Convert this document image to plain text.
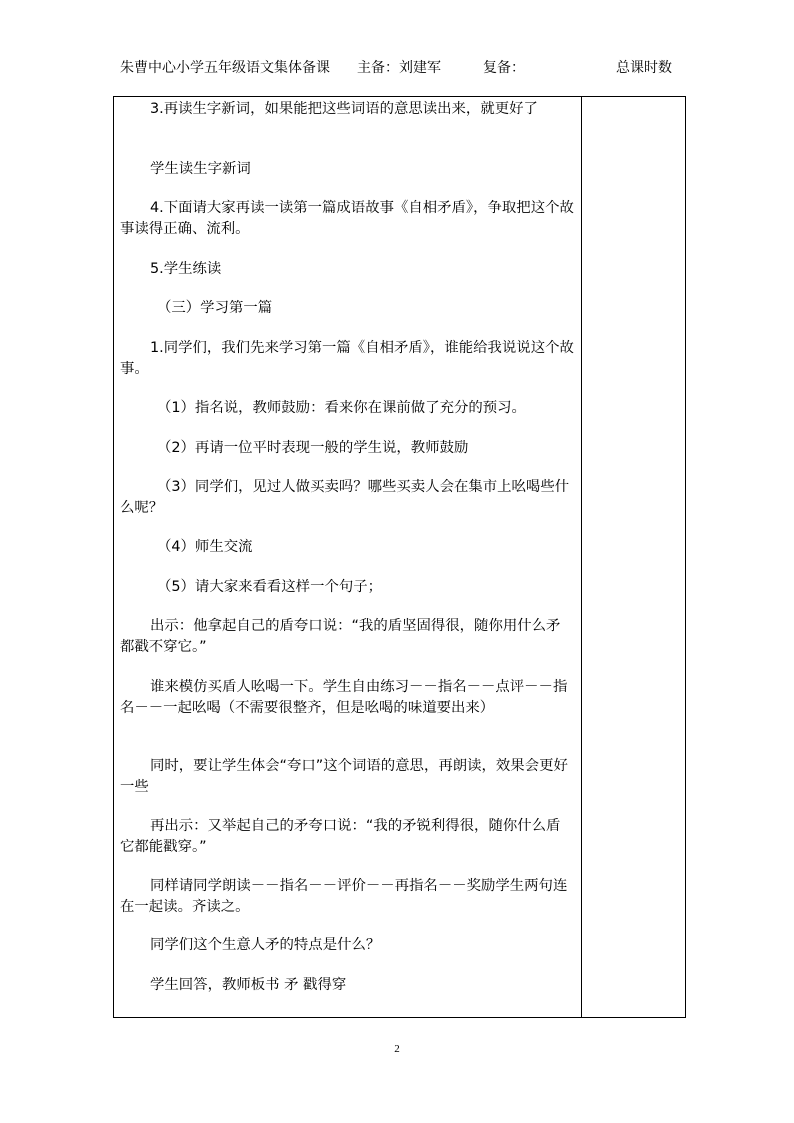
朱曹中心小学五年级语文集体备课 主备：刘建军	复备：	总课时数

3.再读生字新词，如果能把这些词语的意思读出来，就更好了

学生读生字新词

4.下面请大家再读一读第一篇成语故事《自相矛盾》，争取把这个故事读得正确、流利。

5.学生练读

（三）学习第一篇

1.同学们，我们先来学习第一篇《自相矛盾》，谁能给我说说这个故事。

（1）指名说，教师鼓励：看来你在课前做了充分的预习。

（2）再请一位平时表现一般的学生说，教师鼓励

（3）同学们，见过人做买卖吗？哪些买卖人会在集市上吆喝些什么呢？

（4）师生交流

（5）请大家来看看这样一个句子；

出示：他拿起自己的盾夸口说：“我的盾坚固得很，随你用什么矛都戳不穿它。”

谁来模仿买盾人吆喝一下。学生自由练习－－指名－－点评－－指名－－一起吆喝（不需要很整齐，但是吆喝的味道要出来）

同时，要让学生体会“夸口”这个词语的意思，再朗读，效果会更好一些

再出示：又举起自己的矛夸口说：“我的矛锐利得很，随你什么盾它都能戳穿。”

同样请同学朗读－－指名－－评价－－再指名－－奖励学生两句连在一起读。齐读之。

同学们这个生意人矛的特点是什么？

学生回答，教师板书 矛 戳得穿

2
